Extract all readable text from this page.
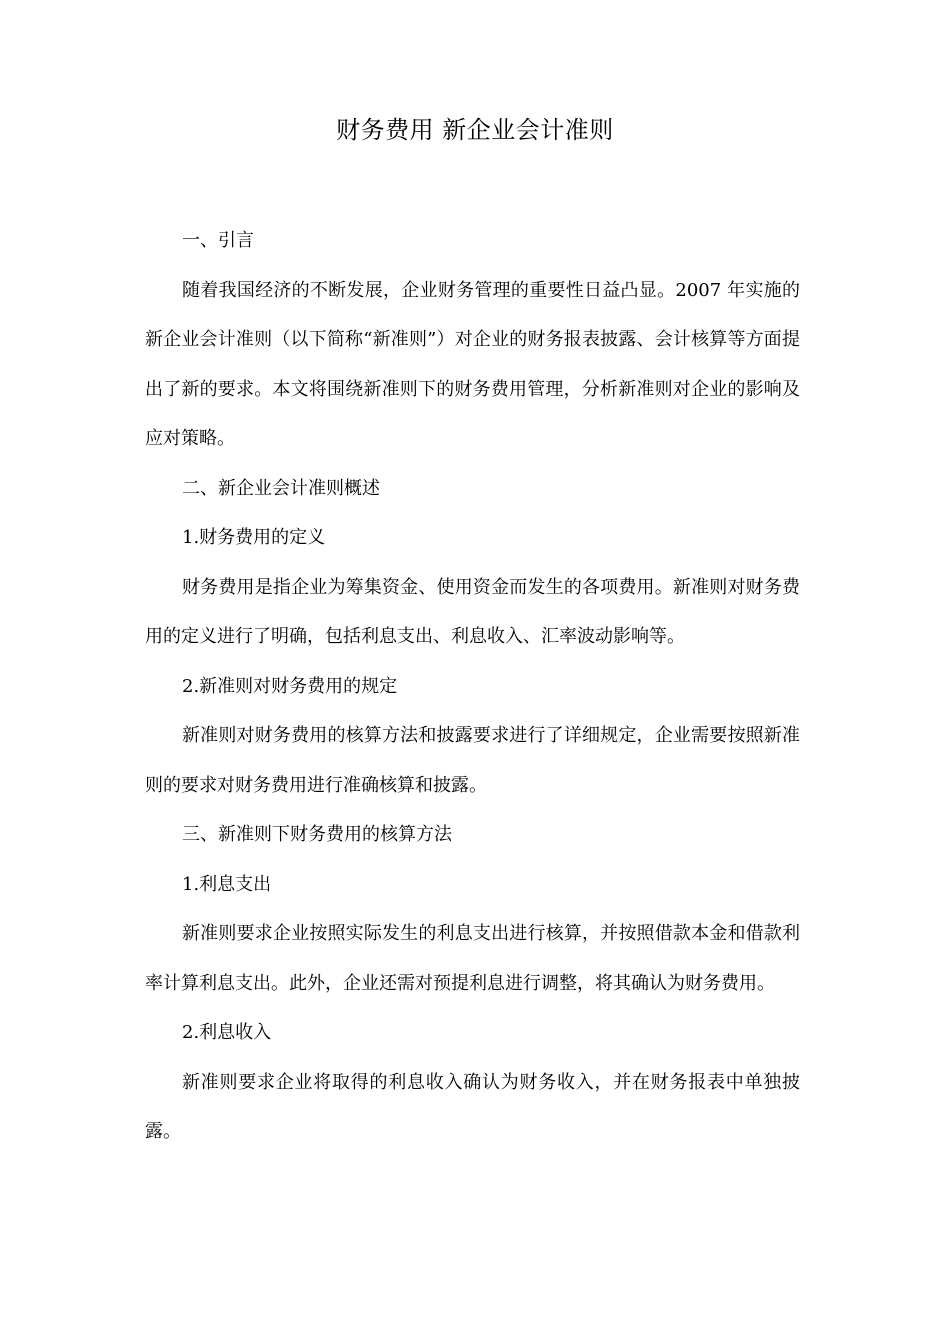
财务费用 新企业会计准则

一、引言

随着我国经济的不断发展，企业财务管理的重要性日益凸显。2007 年实施的新企业会计准则（以下简称“新准则”）对企业的财务报表披露、会计核算等方面提出了新的要求。本文将围绕新准则下的财务费用管理，分析新准则对企业的影响及应对策略。

二、新企业会计准则概述

1.财务费用的定义

财务费用是指企业为筹集资金、使用资金而发生的各项费用。新准则对财务费用的定义进行了明确，包括利息支出、利息收入、汇率波动影响等。

2.新准则对财务费用的规定

新准则对财务费用的核算方法和披露要求进行了详细规定，企业需要按照新准则的要求对财务费用进行准确核算和披露。

三、新准则下财务费用的核算方法

1.利息支出

新准则要求企业按照实际发生的利息支出进行核算，并按照借款本金和借款利率计算利息支出。此外，企业还需对预提利息进行调整，将其确认为财务费用。

2.利息收入

新准则要求企业将取得的利息收入确认为财务收入，并在财务报表中单独披露。
